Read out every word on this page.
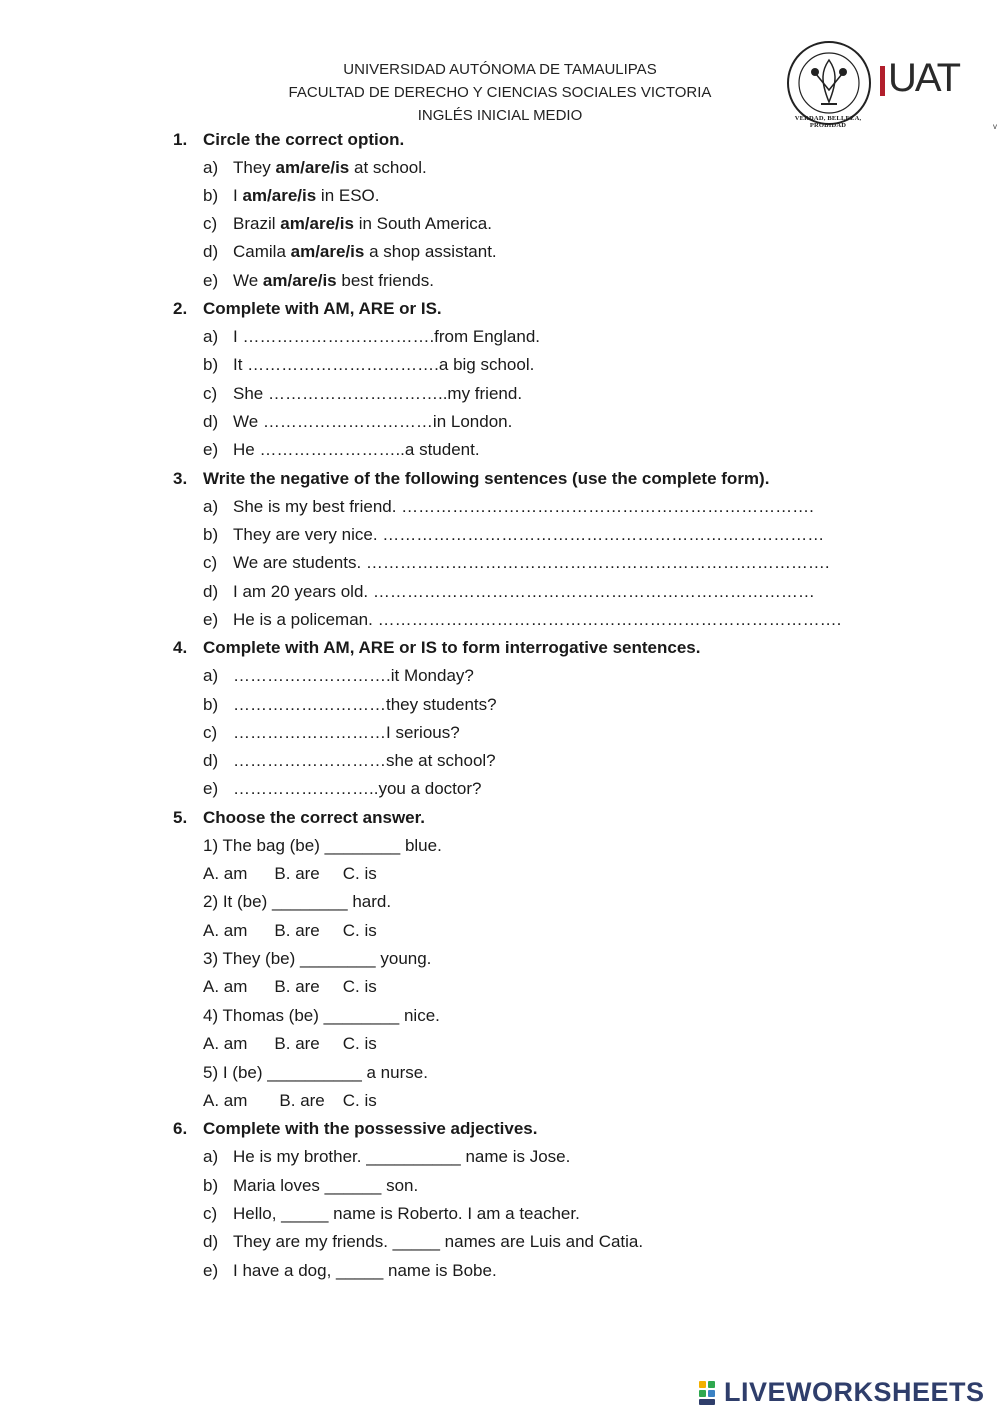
UNIVERSIDAD AUTÓNOMA DE TAMAULIPAS
FACULTAD DE DERECHO Y CIENCIAS SOCIALES VICTORIA
INGLÉS INICIAL MEDIO	VERDAD, BELLEZA, PROBIDAD
UAT
v
1. Circle the correct option.
a) They am/are/is at school.
b) I am/are/is in ESO.
c) Brazil am/are/is in South America.
d) Camila am/are/is a shop assistant.
e) We am/are/is best friends.
2. Complete with AM, ARE or IS.
a) I …………………………….from England.
b) It …………………………….a big school.
c) She …………………………..my friend.
d) We …………………………in London.
e) He ……………………..a student.
3. Write the negative of the following sentences (use the complete form).
a) She is my best friend. ……………………………………………………………….
b) They are very nice. ……………………………………………………………………
c) We are students. ……………………………………………………………………….
d) I am 20 years old. ……………………………………………………………………
e) He is a policeman. ……………………………………………………………………….
4. Complete with AM, ARE or IS to form interrogative sentences.
a) ……………………….it Monday?
b) ………………………they students?
c) ………………………I serious?
d) ………………………she at school?
e) ……………………..you a doctor?
5. Choose the correct answer.
1) The bag (be) ________ blue.
A. am B. are C. is
2) It (be) ________ hard.
A. am B. are C. is
3) They (be) ________ young.
A. am B. are C. is
4) Thomas (be) ________ nice.
A. am B. are C. is
5) I (be) __________ a nurse.
A. am B. are C. is
6. Complete with the possessive adjectives.
a) He is my brother. __________ name is Jose.
b) Maria loves ______ son.
c) Hello, _____ name is Roberto. I am a teacher.
d) They are my friends. _____ names are Luis and Catia.
e) I have a dog, _____ name is Bobe.
LIVEWORKSHEETS
